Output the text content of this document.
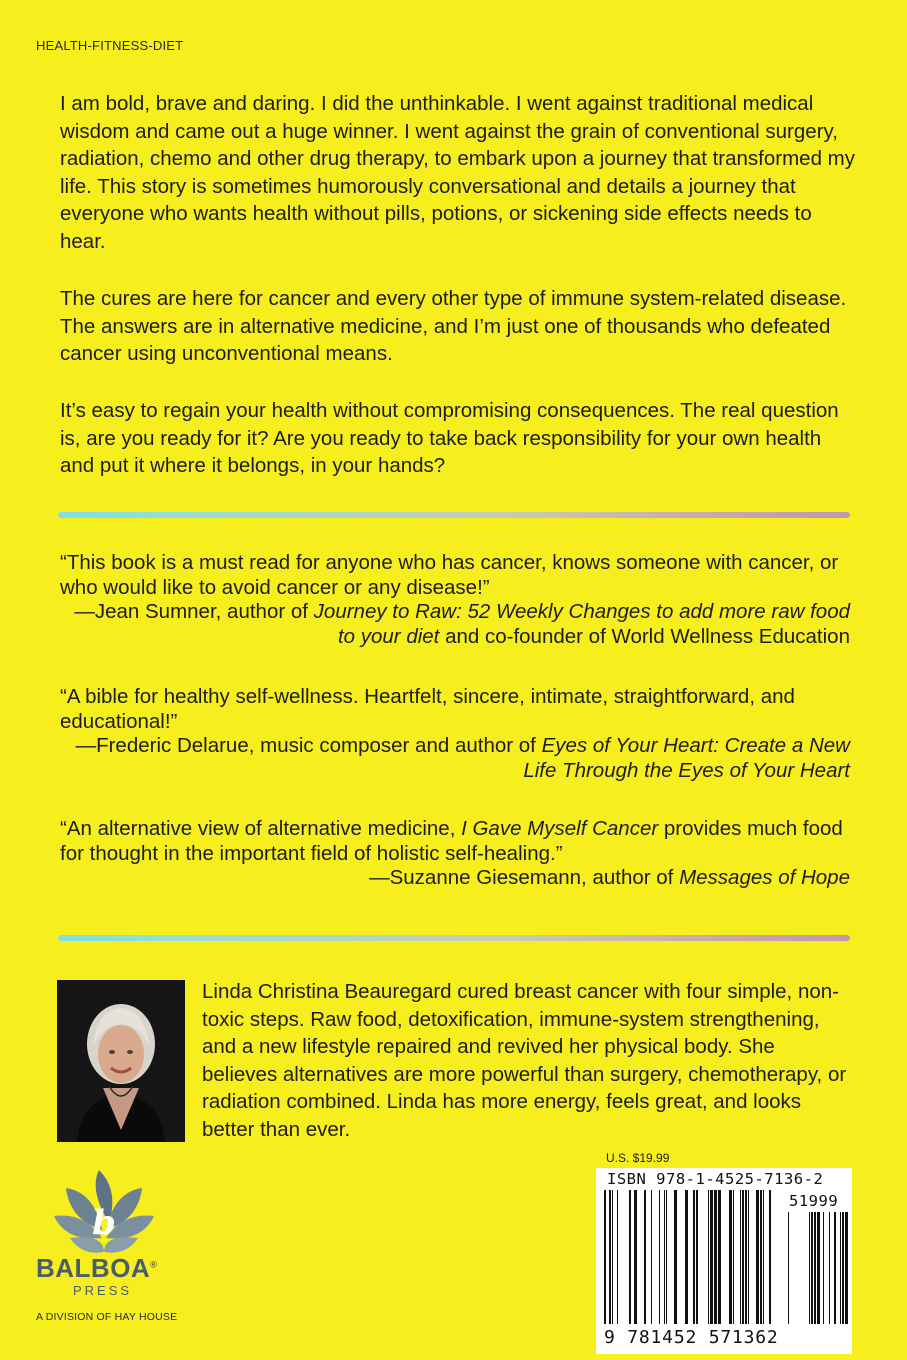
HEALTH-FITNESS-DIET

I am bold, brave and daring. I did the unthinkable. I went against traditional medical wisdom and came out a huge winner. I went against the grain of conventional surgery, radiation, chemo and other drug therapy, to embark upon a journey that transformed my life. This story is sometimes humorously conversational and details a journey that everyone who wants health without pills, potions, or sickening side effects needs to hear.

The cures are here for cancer and every other type of immune system-related disease. The answers are in alternative medicine, and I’m just one of thousands who defeated cancer using unconventional means.

It’s easy to regain your health without compromising consequences. The real question is, are you ready for it? Are you ready to take back responsibility for your own health and put it where it belongs, in your hands?

“This book is a must read for anyone who has cancer, knows someone with cancer, or who would like to avoid cancer or any disease!”

—Jean Sumner, author of Journey to Raw: 52 Weekly Changes to add more raw food to your diet and co-founder of World Wellness Education

“A bible for healthy self-wellness. Heartfelt, sincere, intimate, straightforward, and educational!”

—Frederic Delarue, music composer and author of Eyes of Your Heart: Create a New Life Through the Eyes of Your Heart

“An alternative view of alternative medicine, I Gave Myself Cancer provides much food for thought in the important field of holistic self-healing.”

—Suzanne Giesemann, author of Messages of Hope

Linda Christina Beauregard cured breast cancer with four simple, non-toxic steps. Raw food, detoxification, immune-system strengthening, and a new lifestyle repaired and revived her physical body. She believes alternatives are more powerful than surgery, chemotherapy, or radiation combined. Linda has more energy, feels great, and looks better than ever.

U.S. $19.99
ISBN 978-1-4525-7136-2
51999
9 781452 571362
b
BALBOA®
PRESS
A DIVISION OF HAY HOUSE
